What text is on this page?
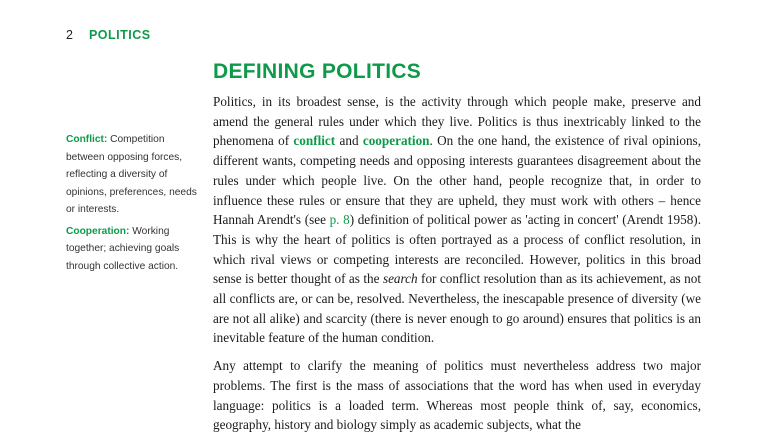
2 POLITICS
DEFINING POLITICS

Conflict: Competition between opposing forces, reflecting a diversity of opinions, preferences, needs or interests.

Cooperation: Working together; achieving goals through collective action.

Politics, in its broadest sense, is the activity through which people make, preserve and amend the general rules under which they live. Politics is thus inextricably linked to the phenomena of conflict and cooperation. On the one hand, the existence of rival opinions, different wants, competing needs and opposing interests guarantees disagreement about the rules under which people live. On the other hand, people recognize that, in order to influence these rules or ensure that they are upheld, they must work with others – hence Hannah Arendt's (see p. 8) definition of political power as 'acting in concert' (Arendt 1958). This is why the heart of politics is often portrayed as a process of conflict resolution, in which rival views or competing interests are reconciled. However, politics in this broad sense is better thought of as the search for conflict resolution than as its achievement, as not all conflicts are, or can be, resolved. Nevertheless, the inescapable presence of diversity (we are not all alike) and scarcity (there is never enough to go around) ensures that politics is an inevitable feature of the human condition.

Any attempt to clarify the meaning of politics must nevertheless address two major problems. The first is the mass of associations that the word has when used in everyday language: politics is a loaded term. Whereas most people think of, say, economics, geography, history and biology simply as academic subjects, what the
